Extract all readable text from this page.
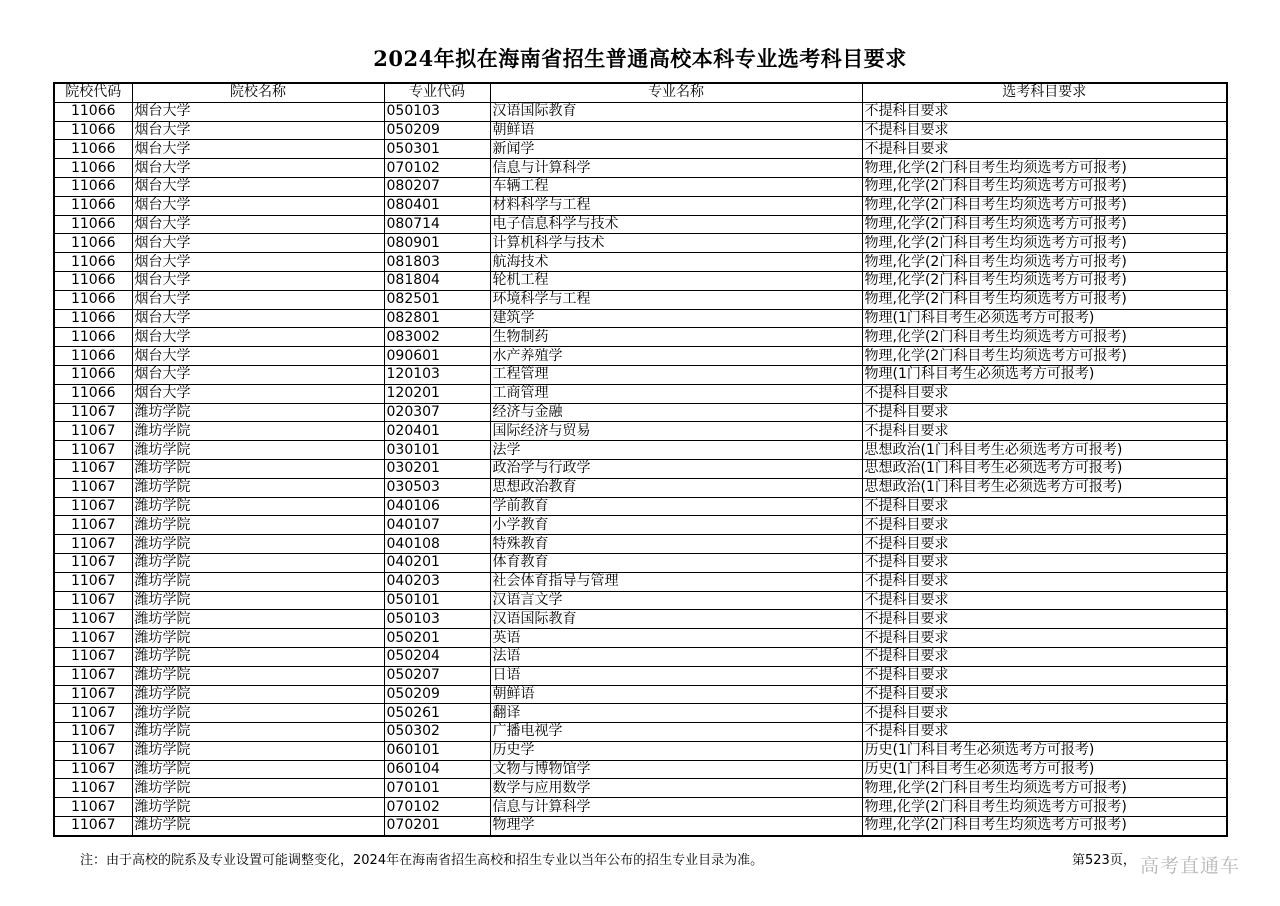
2024年拟在海南省招生普通高校本科专业选考科目要求
院校代码	院校名称	专业代码	专业名称	选考科目要求
11066	烟台大学	050103	汉语国际教育	不提科目要求
11066	烟台大学	050209	朝鲜语	不提科目要求
11066	烟台大学	050301	新闻学	不提科目要求
11066	烟台大学	070102	信息与计算科学	物理,化学(2门科目考生均须选考方可报考)
11066	烟台大学	080207	车辆工程	物理,化学(2门科目考生均须选考方可报考)
11066	烟台大学	080401	材料科学与工程	物理,化学(2门科目考生均须选考方可报考)
11066	烟台大学	080714	电子信息科学与技术	物理,化学(2门科目考生均须选考方可报考)
11066	烟台大学	080901	计算机科学与技术	物理,化学(2门科目考生均须选考方可报考)
11066	烟台大学	081803	航海技术	物理,化学(2门科目考生均须选考方可报考)
11066	烟台大学	081804	轮机工程	物理,化学(2门科目考生均须选考方可报考)
11066	烟台大学	082501	环境科学与工程	物理,化学(2门科目考生均须选考方可报考)
11066	烟台大学	082801	建筑学	物理(1门科目考生必须选考方可报考)
11066	烟台大学	083002	生物制药	物理,化学(2门科目考生均须选考方可报考)
11066	烟台大学	090601	水产养殖学	物理,化学(2门科目考生均须选考方可报考)
11066	烟台大学	120103	工程管理	物理(1门科目考生必须选考方可报考)
11066	烟台大学	120201	工商管理	不提科目要求
11067	潍坊学院	020307	经济与金融	不提科目要求
11067	潍坊学院	020401	国际经济与贸易	不提科目要求
11067	潍坊学院	030101	法学	思想政治(1门科目考生必须选考方可报考)
11067	潍坊学院	030201	政治学与行政学	思想政治(1门科目考生必须选考方可报考)
11067	潍坊学院	030503	思想政治教育	思想政治(1门科目考生必须选考方可报考)
11067	潍坊学院	040106	学前教育	不提科目要求
11067	潍坊学院	040107	小学教育	不提科目要求
11067	潍坊学院	040108	特殊教育	不提科目要求
11067	潍坊学院	040201	体育教育	不提科目要求
11067	潍坊学院	040203	社会体育指导与管理	不提科目要求
11067	潍坊学院	050101	汉语言文学	不提科目要求
11067	潍坊学院	050103	汉语国际教育	不提科目要求
11067	潍坊学院	050201	英语	不提科目要求
11067	潍坊学院	050204	法语	不提科目要求
11067	潍坊学院	050207	日语	不提科目要求
11067	潍坊学院	050209	朝鲜语	不提科目要求
11067	潍坊学院	050261	翻译	不提科目要求
11067	潍坊学院	050302	广播电视学	不提科目要求
11067	潍坊学院	060101	历史学	历史(1门科目考生必须选考方可报考)
11067	潍坊学院	060104	文物与博物馆学	历史(1门科目考生必须选考方可报考)
11067	潍坊学院	070101	数学与应用数学	物理,化学(2门科目考生均须选考方可报考)
11067	潍坊学院	070102	信息与计算科学	物理,化学(2门科目考生均须选考方可报考)
11067	潍坊学院	070201	物理学	物理,化学(2门科目考生均须选考方可报考)
注：由于高校的院系及专业设置可能调整变化，2024年在海南省招生高校和招生专业以当年公布的招生专业目录为准。	第523页， 高考直通车
